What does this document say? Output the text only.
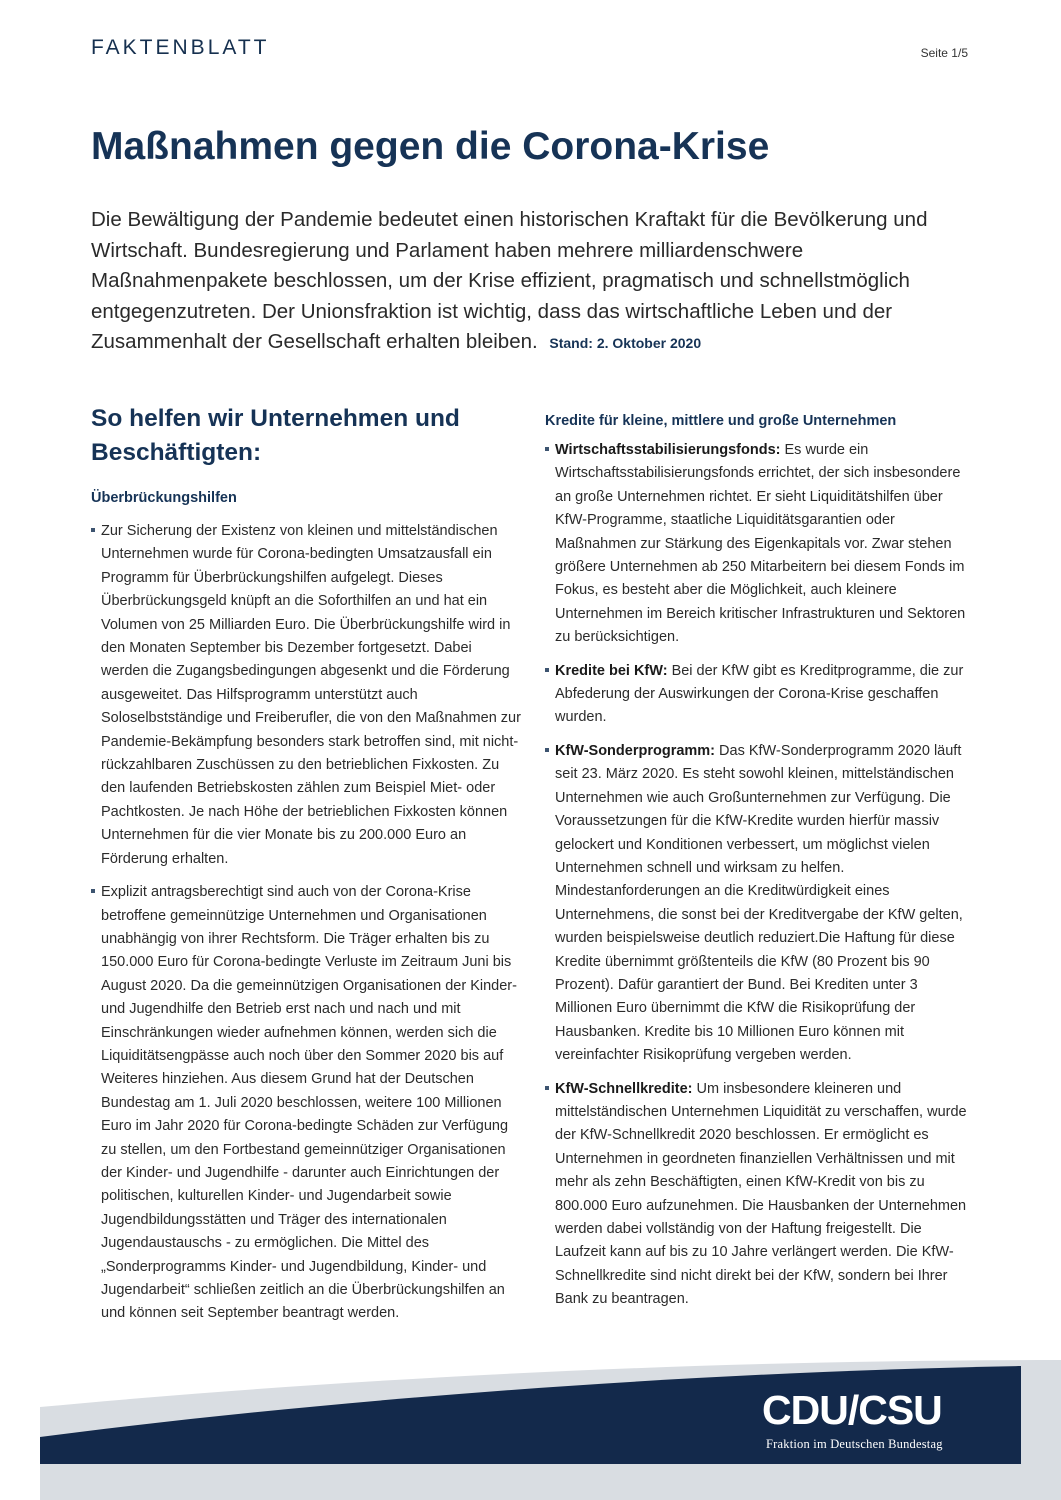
FAKTENBLATT	Seite 1/5
Maßnahmen gegen die Corona-Krise
Die Bewältigung der Pandemie bedeutet einen historischen Kraftakt für die Bevölkerung und Wirtschaft. Bundesregierung und Parlament haben mehrere milliardenschwere Maßnahmenpakete beschlossen, um der Krise effizient, pragmatisch und schnellstmöglich entgegenzutreten. Der Unionsfraktion ist wichtig, dass das wirtschaftliche Leben und der Zusammenhalt der Gesellschaft erhalten bleiben. Stand: 2. Oktober 2020
So helfen wir Unternehmen und Beschäftigten:
Überbrückungshilfen
Zur Sicherung der Existenz von kleinen und mittelständischen Unternehmen wurde für Corona-bedingten Umsatzausfall ein Programm für Überbrückungshilfen aufgelegt. Dieses Überbrückungsgeld knüpft an die Soforthilfen an und hat ein Volumen von 25 Milliarden Euro. Die Überbrückungshilfe wird in den Monaten September bis Dezember fortgesetzt. Dabei werden die Zugangsbedingungen abgesenkt und die Förderung ausgeweitet. Das Hilfsprogramm unterstützt auch Soloselbstständige und Freiberufler, die von den Maßnahmen zur Pandemie-Bekämpfung besonders stark betroffen sind, mit nicht-rückzahlbaren Zuschüssen zu den betrieblichen Fixkosten. Zu den laufenden Betriebskosten zählen zum Beispiel Miet- oder Pachtkosten. Je nach Höhe der betrieblichen Fixkosten können Unternehmen für die vier Monate bis zu 200.000 Euro an Förderung erhalten.
Explizit antragsberechtigt sind auch von der Corona-Krise betroffene gemeinnützige Unternehmen und Organisationen unabhängig von ihrer Rechtsform. Die Träger erhalten bis zu 150.000 Euro für Corona-bedingte Verluste im Zeitraum Juni bis August 2020. Da die gemeinnützigen Organisationen der Kinder- und Jugendhilfe den Betrieb erst nach und nach und mit Einschränkungen wieder aufnehmen können, werden sich die Liquiditätsengpässe auch noch über den Sommer 2020 bis auf Weiteres hinziehen. Aus diesem Grund hat der Deutschen Bundestag am 1. Juli 2020 beschlossen, weitere 100 Millionen Euro im Jahr 2020 für Corona-bedingte Schäden zur Verfügung zu stellen, um den Fortbestand gemeinnütziger Organisationen der Kinder- und Jugendhilfe - darunter auch Einrichtungen der politischen, kulturellen Kinder- und Jugendarbeit sowie Jugendbildungsstätten und Träger des internationalen Jugendaustauschs - zu ermöglichen. Die Mittel des „Sonderprogramms Kinder- und Jugendbildung, Kinder- und Jugendarbeit“ schließen zeitlich an die Überbrückungshilfen an und können seit September beantragt werden.
Kredite für kleine, mittlere und große Unternehmen
Wirtschaftsstabilisierungsfonds: Es wurde ein Wirtschaftsstabilisierungsfonds errichtet, der sich insbesondere an große Unternehmen richtet. Er sieht Liquiditätshilfen über KfW-Programme, staatliche Liquiditätsgarantien oder Maßnahmen zur Stärkung des Eigenkapitals vor. Zwar stehen größere Unternehmen ab 250 Mitarbeitern bei diesem Fonds im Fokus, es besteht aber die Möglichkeit, auch kleinere Unternehmen im Bereich kritischer Infrastrukturen und Sektoren zu berücksichtigen.
Kredite bei KfW: Bei der KfW gibt es Kreditprogramme, die zur Abfederung der Auswirkungen der Corona-Krise geschaffen wurden.
KfW-Sonderprogramm: Das KfW-Sonderprogramm 2020 läuft seit 23. März 2020. Es steht sowohl kleinen, mittelständischen Unternehmen wie auch Großunternehmen zur Verfügung. Die Voraussetzungen für die KfW-Kredite wurden hierfür massiv gelockert und Konditionen verbessert, um möglichst vielen Unternehmen schnell und wirksam zu helfen. Mindestanforderungen an die Kreditwürdigkeit eines Unternehmens, die sonst bei der Kreditvergabe der KfW gelten, wurden beispielsweise deutlich reduziert.Die Haftung für diese Kredite übernimmt größtenteils die KfW (80 Prozent bis 90 Prozent). Dafür garantiert der Bund. Bei Krediten unter 3 Millionen Euro übernimmt die KfW die Risikoprüfung der Hausbanken. Kredite bis 10 Millionen Euro können mit vereinfachter Risikoprüfung vergeben werden.
KfW-Schnellkredite: Um insbesondere kleineren und mittelständischen Unternehmen Liquidität zu verschaffen, wurde der KfW-Schnellkredit 2020 beschlossen. Er ermöglicht es Unternehmen in geordneten finanziellen Verhältnissen und mit mehr als zehn Beschäftigten, einen KfW-Kredit von bis zu 800.000 Euro aufzunehmen. Die Hausbanken der Unternehmen werden dabei vollständig von der Haftung freigestellt. Die Laufzeit kann auf bis zu 10 Jahre verlängert werden. Die KfW-Schnellkredite sind nicht direkt bei der KfW, sondern bei Ihrer Bank zu beantragen.
CDU/CSU
Fraktion im Deutschen Bundestag
